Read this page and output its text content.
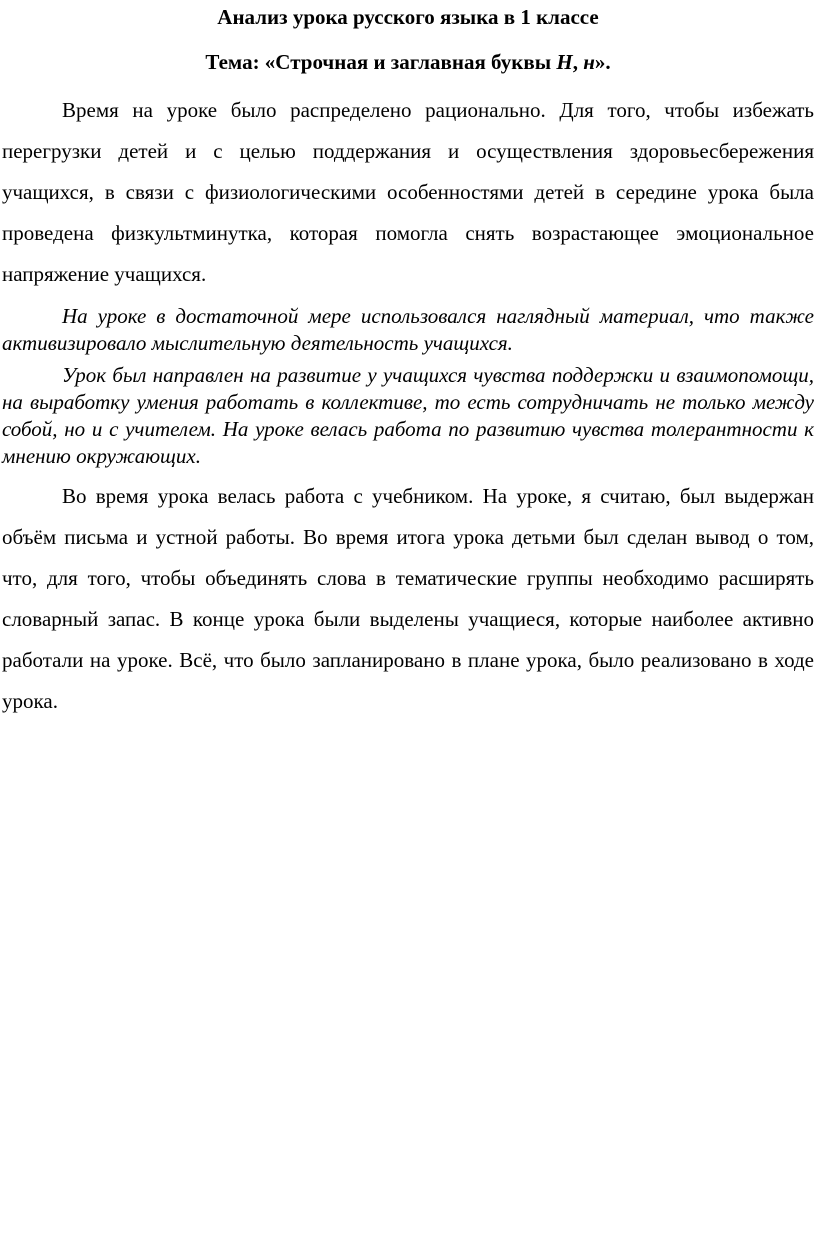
Анализ урока русского языка в 1 классе

Тема: «Строчная и заглавная буквы Н, н».

Время на уроке было распределено рационально. Для того, чтобы избежать перегрузки детей и с целью поддержания и осуществления здоровьесбережения учащихся, в связи с физиологическими особенностями детей в середине урока была проведена физкультминутка, которая помогла снять возрастающее эмоциональное напряжение учащихся.

На уроке в достаточной мере использовался наглядный материал, что также активизировало мыслительную деятельность учащихся.

Урок был направлен на развитие у учащихся чувства поддержки и взаимопомощи, на выработку умения работать в коллективе, то есть сотрудничать не только между собой, но и с учителем. На уроке велась работа по развитию чувства толерантности к мнению окружающих.

Во время урока велась работа с учебником. На уроке, я считаю, был выдержан объём письма и устной работы. Во время итога урока детьми был сделан вывод о том, что, для того, чтобы объединять слова в тематические группы необходимо расширять словарный запас. В конце урока были выделены учащиеся, которые наиболее активно работали на уроке. Всё, что было запланировано в плане урока, было реализовано в ходе урока.
